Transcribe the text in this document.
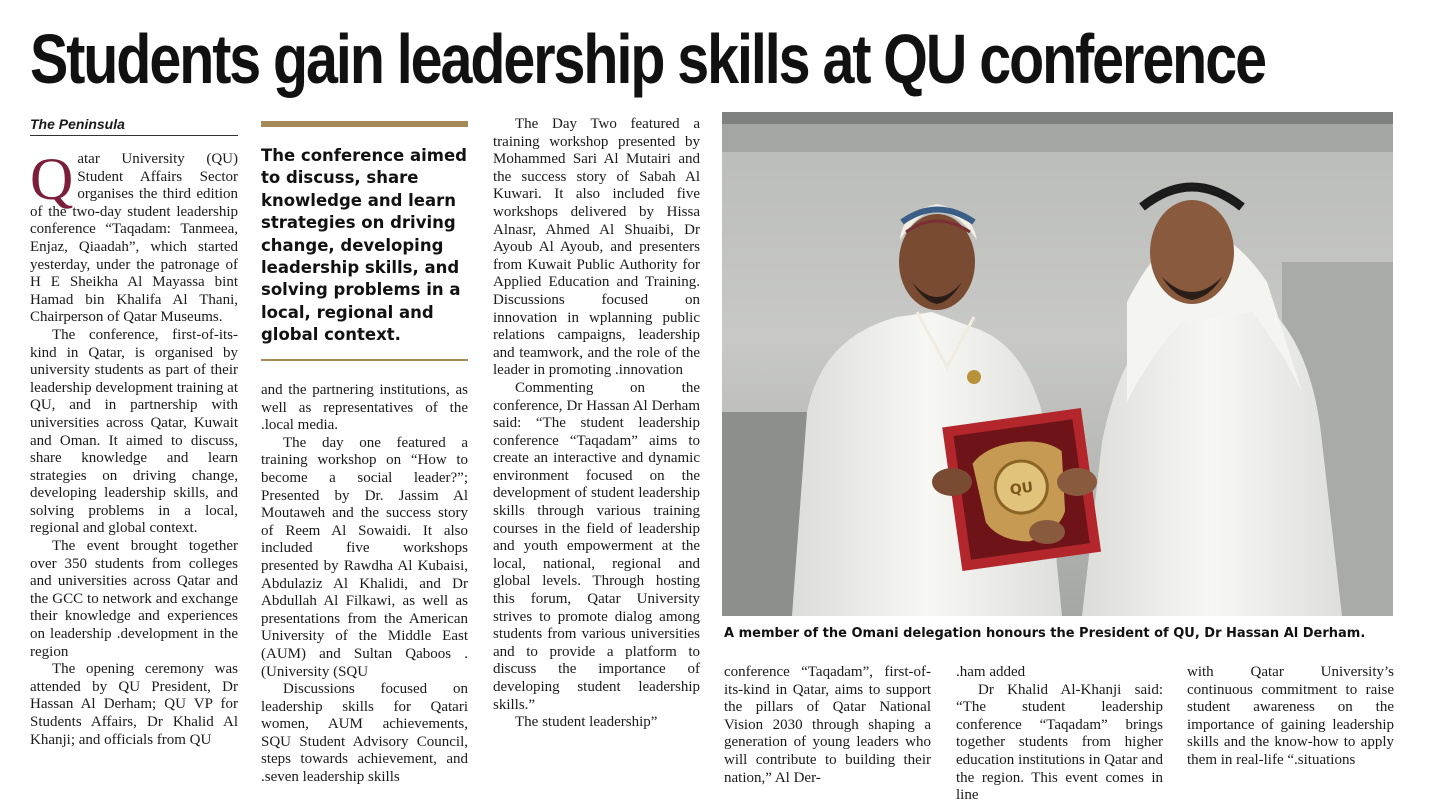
Students gain leadership skills at QU conference
The Peninsula

Qatar University (QU) Student Affairs Sector organises the third edition of the two-day student leadership conference “Taqadam: Tanmeea, Enjaz, Qiaadah”, which started yesterday, under the patronage of H E Sheikha Al Mayassa bint Hamad bin Khalifa Al Thani, Chairperson of Qatar Museums.

The conference, first-of-its-kind in Qatar, is organised by university students as part of their leadership development training at QU, and in partnership with universities across Qatar, Kuwait and Oman. It aimed to discuss, share knowledge and learn strategies on driving change, developing leadership skills, and solving problems in a local, regional and global context.

The event brought together over 350 students from colleges and universities across Qatar and the GCC to network and exchange their knowledge and experiences on leadership .development in the region

The opening ceremony was attended by QU President, Dr Hassan Al Derham; QU VP for Students Affairs, Dr Khalid Al Khanji; and officials from QU

The conference aimed to discuss, share knowledge and learn strategies on driving change, developing leadership skills, and solving problems in a local, regional and global context.

and the partnering institutions, as well as representatives of the .local media.

The day one featured a training workshop on “How to become a social leader?”; Presented by Dr. Jassim Al Moutaweh and the success story of Reem Al Sowaidi. It also included five workshops presented by Rawdha Al Kubaisi, Abdulaziz Al Khalidi, and Dr Abdullah Al Filkawi, as well as presentations from the American University of the Middle East (AUM) and Sultan Qaboos .(University (SQU

Discussions focused on leadership skills for Qatari women, AUM achievements, SQU Student Advisory Council, steps towards achievement, and .seven leadership skills

The Day Two featured a training workshop presented by Mohammed Sari Al Mutairi and the success story of Sabah Al Kuwari. It also included five workshops delivered by Hissa Alnasr, Ahmed Al Shuaibi, Dr Ayoub Al Ayoub, and presenters from Kuwait Public Authority for Applied Education and Training. Discussions focused on innovation in wplanning public relations campaigns, leadership and teamwork, and the role of the leader in promoting .innovation

Commenting on the conference, Dr Hassan Al Derham said: “The student leadership conference “Taqadam” aims to create an interactive and dynamic environment focused on the development of student leadership skills through various training courses in the field of leadership and youth empowerment at the local, national, regional and global levels. Through hosting this forum, Qatar University strives to promote dialog among students from various universities and to provide a platform to discuss the importance of developing student leadership skills.”

The student leadership”

QU
A member of the Omani delegation honours the President of QU, Dr Hassan Al Derham.

conference “Taqadam”, first-of-its-kind in Qatar, aims to support the pillars of Qatar National Vision 2030 through shaping a generation of young leaders who will contribute to building their nation,” Al Der-

.ham added

Dr Khalid Al-Khanji said: “The student leadership conference “Taqadam” brings together students from higher education institutions in Qatar and the region. This event comes in line

with Qatar University’s continuous commitment to raise student awareness on the importance of gaining leadership skills and the know-how to apply them in real-life “.situations
